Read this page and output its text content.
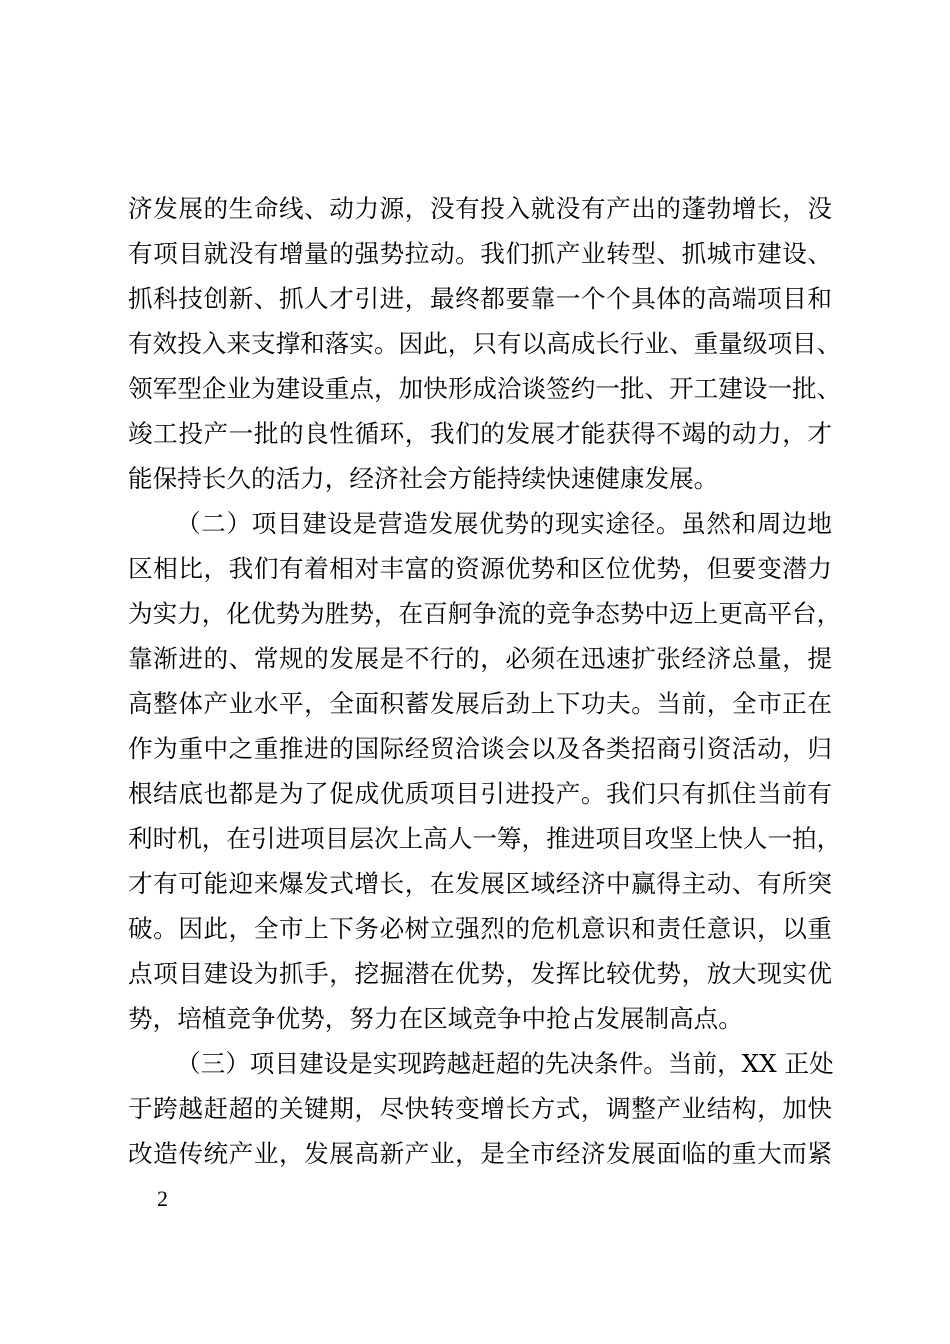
济发展的生命线、动力源，没有投入就没有产出的蓬勃增长，没
有项目就没有增量的强势拉动。我们抓产业转型、抓城市建设、
抓科技创新、抓人才引进，最终都要靠一个个具体的高端项目和
有效投入来支撑和落实。因此，只有以高成长行业、重量级项目、
领军型企业为建设重点，加快形成洽谈签约一批、开工建设一批、
竣工投产一批的良性循环，我们的发展才能获得不竭的动力，才
能保持长久的活力，经济社会方能持续快速健康发展。
（二）项目建设是营造发展优势的现实途径。虽然和周边地
区相比，我们有着相对丰富的资源优势和区位优势，但要变潜力
为实力，化优势为胜势，在百舸争流的竞争态势中迈上更高平台，
靠渐进的、常规的发展是不行的，必须在迅速扩张经济总量，提
高整体产业水平，全面积蓄发展后劲上下功夫。当前，全市正在
作为重中之重推进的国际经贸洽谈会以及各类招商引资活动，归
根结底也都是为了促成优质项目引进投产。我们只有抓住当前有
利时机，在引进项目层次上高人一筹，推进项目攻坚上快人一拍，
才有可能迎来爆发式增长，在发展区域经济中赢得主动、有所突
破。因此，全市上下务必树立强烈的危机意识和责任意识，以重
点项目建设为抓手，挖掘潜在优势，发挥比较优势，放大现实优
势，培植竞争优势，努力在区域竞争中抢占发展制高点。
（三）项目建设是实现跨越赶超的先决条件。当前，XX 正处
于跨越赶超的关键期，尽快转变增长方式，调整产业结构，加快
改造传统产业，发展高新产业，是全市经济发展面临的重大而紧
2
